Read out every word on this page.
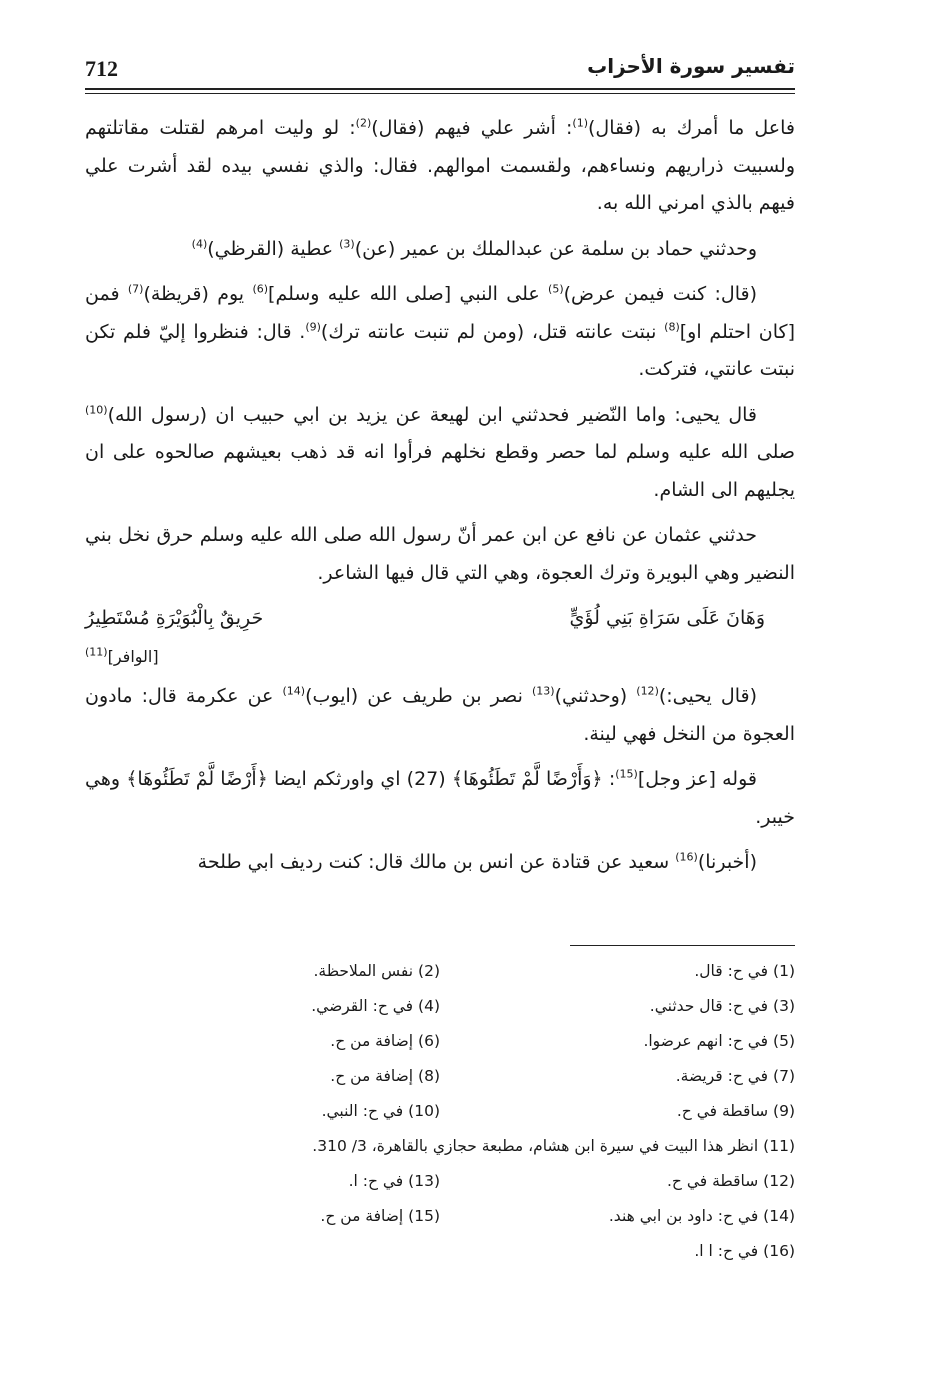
712	تفسير سورة الأحزاب

فاعل ما أمرك به (فقال)$^{(1)}$: أشر علي فيهم (فقال)$^{(2)}$: لو وليت امرهم لقتلت مقاتلتهم ولسبيت ذراريهم ونساءهم، ولقسمت اموالهم. فقال: والذي نفسي بيده لقد أشرت علي فيهم بالذي امرني الله به.

وحدثني حماد بن سلمة عن عبدالملك بن عمير (عن)$^{(3)}$ عطية (القرظي)$^{(4)}$

(قال: كنت فيمن عرض)$^{(5)}$ على النبي [صلى الله عليه وسلم]$^{(6)}$ يوم (قريظة)$^{(7)}$ فمن [كان احتلم او]$^{(8)}$ نبتت عانته قتل، (ومن لم تنبت عانته ترك)$^{(9)}$. قال: فنظروا إليّ فلم تكن نبتت عانتي، فتركت.

قال يحيى: واما النّضير فحدثني ابن لهيعة عن يزيد بن ابي حبيب ان (رسول الله)$^{(10)}$ صلى الله عليه وسلم لما حصر وقطع نخلهم فرأوا انه قد ذهب بعيشهم صالحوه على ان يجليهم الى الشام.

حدثني عثمان عن نافع عن ابن عمر أنّ رسول الله صلى الله عليه وسلم حرق نخل بني النضير وهي البويرة وترك العجوة، وهي التي قال فيها الشاعر.

وَهَانَ عَلَى سَرَاةِ بَنِي لُؤَيٍّ
حَرِيقٌ بِالْبُوَيْرَةِ مُسْتَطِيرُ
[الوافر]$^{(11)}$

(قال يحيى:)$^{(12)}$ (وحدثني)$^{(13)}$ نصر بن طريف عن (ايوب)$^{(14)}$ عن عكرمة قال: مادون العجوة من النخل فهي لينة.

قوله [عز وجل]$^{(15)}$: ﴿وَأَرْضًا لَّمْ تَطَئُوهَا﴾ (27) اي واورثكم ايضا ﴿أَرْضًا لَّمْ تَطَئُوهَا﴾ وهي خيبر.

(أخبرنا)$^{(16)}$ سعيد عن قتادة عن انس بن مالك قال: كنت رديف ابي طلحة

(1) في ح: قال.
(2) نفس الملاحظة.
(3) في ح: قال حدثني.
(4) في ح: القرضي.
(5) في ح: انهم عرضوا.
(6) إضافة من ح.
(7) في ح: قريضة.
(8) إضافة من ح.
(9) ساقطة في ح.
(10) في ح: النبي.
(11) انظر هذا البيت في سيرة ابن هشام، مطبعة حجازي بالقاهرة، 3/ 310.
(12) ساقطة في ح.
(13) في ح: ا.
(14) في ح: داود بن ابي هند.
(15) إضافة من ح.
(16) في ح: ا ا.
